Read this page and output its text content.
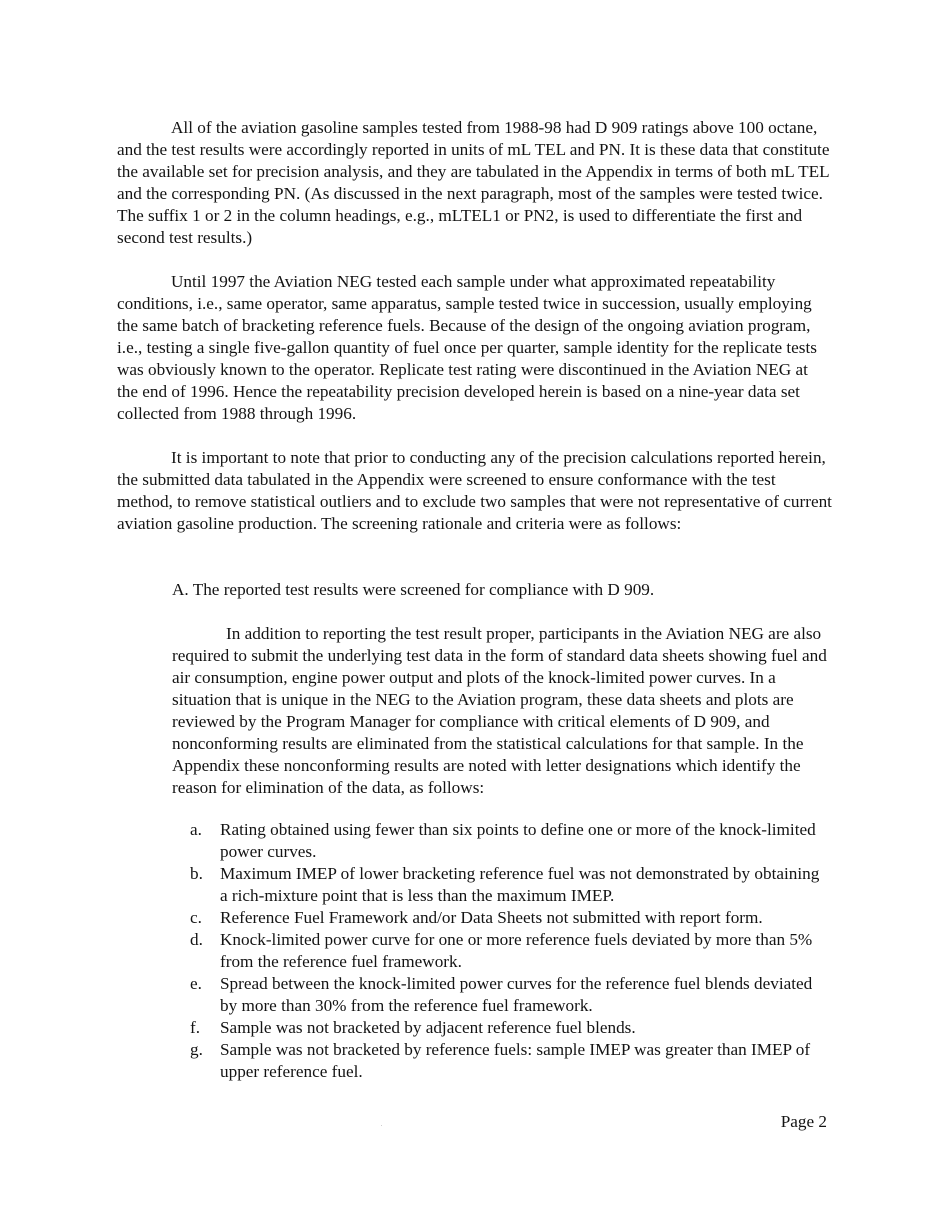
All of the aviation gasoline samples tested from 1988-98 had D 909 ratings above 100 octane, and the test results were accordingly reported in units of mL TEL and PN. It is these data that constitute the available set for precision analysis, and they are tabulated in the Appendix in terms of both mL TEL and the corresponding PN. (As discussed in the next paragraph, most of the samples were tested twice. The suffix 1 or 2 in the column headings, e.g., mLTEL1 or PN2, is used to differentiate the first and second test results.)

Until 1997 the Aviation NEG tested each sample under what approximated repeatability conditions, i.e., same operator, same apparatus, sample tested twice in succession, usually employing the same batch of bracketing reference fuels. Because of the design of the ongoing aviation program, i.e., testing a single five-gallon quantity of fuel once per quarter, sample identity for the replicate tests was obviously known to the operator. Replicate test rating were discontinued in the Aviation NEG at the end of 1996. Hence the repeatability precision developed herein is based on a nine-year data set collected from 1988 through 1996.

It is important to note that prior to conducting any of the precision calculations reported herein, the submitted data tabulated in the Appendix were screened to ensure conformance with the test method, to remove statistical outliers and to exclude two samples that were not representative of current aviation gasoline production. The screening rationale and criteria were as follows:

A. The reported test results were screened for compliance with D 909.

In addition to reporting the test result proper, participants in the Aviation NEG are also required to submit the underlying test data in the form of standard data sheets showing fuel and air consumption, engine power output and plots of the knock-limited power curves. In a situation that is unique in the NEG to the Aviation program, these data sheets and plots are reviewed by the Program Manager for compliance with critical elements of D 909, and nonconforming results are eliminated from the statistical calculations for that sample. In the Appendix these nonconforming results are noted with letter designations which identify the reason for elimination of the data, as follows:

a.	Rating obtained using fewer than six points to define one or more of the knock-limited power curves.
b. Maximum IMEP of lower bracketing reference fuel was not demonstrated by obtaining a rich-mixture point that is less than the maximum IMEP.
c.	Reference Fuel Framework and/or Data Sheets not submitted with report form.
d. Knock-limited power curve for one or more reference fuels deviated by more than 5% from the reference fuel framework.
e.	Spread between the knock-limited power curves for the reference fuel blends deviated by more than 30% from the reference fuel framework.
f.	Sample was not bracketed by adjacent reference fuel blends.
g. Sample was not bracketed by reference fuels: sample IMEP was greater than IMEP of upper reference fuel.

Page 2
